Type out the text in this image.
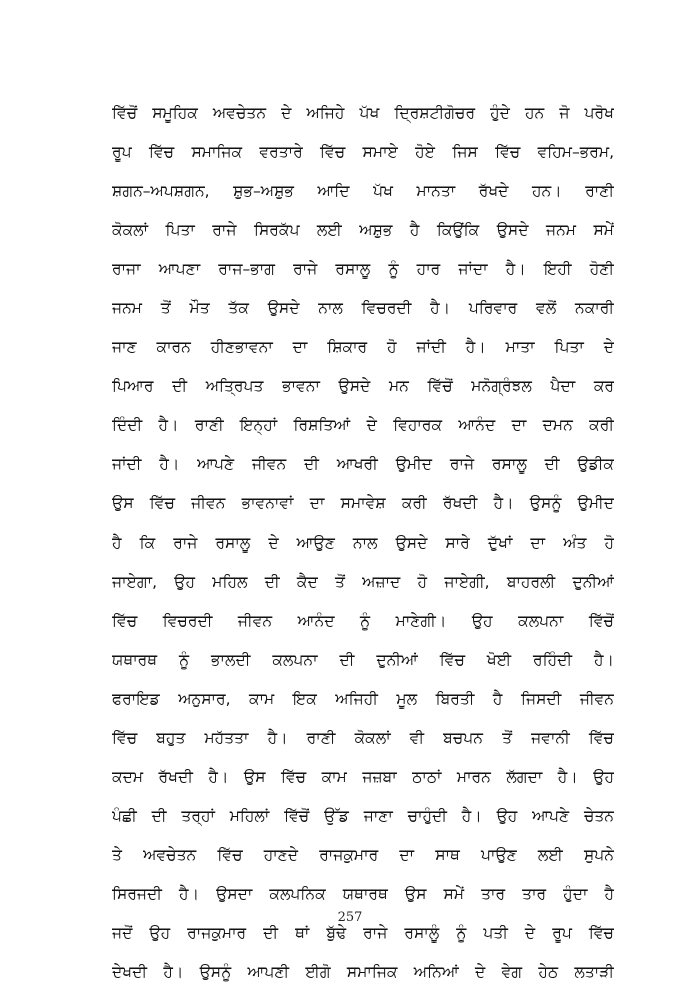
ਵਿੱਚੋਂ ਸਮੂਹਿਕ ਅਵਚੇਤਨ ਦੇ ਅਜਿਹੇ ਪੱਖ ਦ੍ਰਿਸ਼ਟੀਗੋਚਰ ਹੁੰਦੇ ਹਨ ਜੋ ਪਰੋਖ
ਰੂਪ ਵਿੱਚ ਸਮਾਜਿਕ ਵਰਤਾਰੇ ਵਿੱਚ ਸਮਾਏ ਹੋਏ ਜਿਸ ਵਿੱਚ ਵਹਿਮ–ਭਰਮ,
ਸ਼ਗਨ–ਅਪਸ਼ਗਨ, ਸ਼ੁਭ–ਅਸ਼ੁਭ ਆਦਿ ਪੱਖ ਮਾਨਤਾ ਰੱਖਦੇ ਹਨ। ਰਾਣੀ
ਕੋਕਲਾਂ ਪਿਤਾ ਰਾਜੇ ਸਿਰਕੱਪ ਲਈ ਅਸ਼ੁਭ ਹੈ ਕਿਉਂਕਿ ਉਸਦੇ ਜਨਮ ਸਮੇਂ
ਰਾਜਾ ਆਪਣਾ ਰਾਜ–ਭਾਗ ਰਾਜੇ ਰਸਾਲੂ ਨੂੰ ਹਾਰ ਜਾਂਦਾ ਹੈ। ਇਹੀ ਹੋਣੀ
ਜਨਮ ਤੋਂ ਮੌਤ ਤੱਕ ਉਸਦੇ ਨਾਲ ਵਿਚਰਦੀ ਹੈ। ਪਰਿਵਾਰ ਵਲੋਂ ਨਕਾਰੀ
ਜਾਣ ਕਾਰਨ ਹੀਣਭਾਵਨਾ ਦਾ ਸ਼ਿਕਾਰ ਹੋ ਜਾਂਦੀ ਹੈ। ਮਾਤਾ ਪਿਤਾ ਦੇ
ਪਿਆਰ ਦੀ ਅਤ੍ਰਿਪਤ ਭਾਵਨਾ ਉਸਦੇ ਮਨ ਵਿੱਚੋਂ ਮਨੋਗ੍ਰੰਝਲ ਪੈਦਾ ਕਰ
ਦਿੰਦੀ ਹੈ। ਰਾਣੀ ਇਨ੍ਹਾਂ ਰਿਸ਼ਤਿਆਂ ਦੇ ਵਿਹਾਰਕ ਆਨੰਦ ਦਾ ਦਮਨ ਕਰੀ
ਜਾਂਦੀ ਹੈ। ਆਪਣੇ ਜੀਵਨ ਦੀ ਆਖਰੀ ਉਮੀਦ ਰਾਜੇ ਰਸਾਲੂ ਦੀ ਉਡੀਕ
ਉਸ ਵਿੱਚ ਜੀਵਨ ਭਾਵਨਾਵਾਂ ਦਾ ਸਮਾਵੇਸ਼ ਕਰੀ ਰੱਖਦੀ ਹੈ। ਉਸਨੂੰ ਉਮੀਦ
ਹੈ ਕਿ ਰਾਜੇ ਰਸਾਲੂ ਦੇ ਆਉਣ ਨਾਲ ਉਸਦੇ ਸਾਰੇ ਦੁੱਖਾਂ ਦਾ ਅੰਤ ਹੋ
ਜਾਏਗਾ, ਉਹ ਮਹਿਲ ਦੀ ਕੈਦ ਤੋਂ ਅਜ਼ਾਦ ਹੋ ਜਾਏਗੀ, ਬਾਹਰਲੀ ਦੁਨੀਆਂ
ਵਿੱਚ ਵਿਚਰਦੀ ਜੀਵਨ ਆਨੰਦ ਨੂੰ ਮਾਣੇਗੀ। ਉਹ ਕਲਪਨਾ ਵਿੱਚੋਂ
ਯਥਾਰਥ ਨੂੰ ਭਾਲਦੀ ਕਲਪਨਾ ਦੀ ਦੁਨੀਆਂ ਵਿੱਚ ਖੋਈ ਰਹਿੰਦੀ ਹੈ।
ਫਰਾਇਡ ਅਨੁਸਾਰ, ਕਾਮ ਇਕ ਅਜਿਹੀ ਮੂਲ ਬਿਰਤੀ ਹੈ ਜਿਸਦੀ ਜੀਵਨ
ਵਿੱਚ ਬਹੁਤ ਮਹੱਤਤਾ ਹੈ। ਰਾਣੀ ਕੋਕਲਾਂ ਵੀ ਬਚਪਨ ਤੋਂ ਜਵਾਨੀ ਵਿੱਚ
ਕਦਮ ਰੱਖਦੀ ਹੈ। ਉਸ ਵਿੱਚ ਕਾਮ ਜਜ਼ਬਾ ਠਾਠਾਂ ਮਾਰਨ ਲੱਗਦਾ ਹੈ। ਉਹ
ਪੰਛੀ ਦੀ ਤਰ੍ਹਾਂ ਮਹਿਲਾਂ ਵਿੱਚੋਂ ਉੱਡ ਜਾਣਾ ਚਾਹੁੰਦੀ ਹੈ। ਉਹ ਆਪਣੇ ਚੇਤਨ
ਤੇ ਅਵਚੇਤਨ ਵਿੱਚ ਹਾਣਦੇ ਰਾਜਕੁਮਾਰ ਦਾ ਸਾਥ ਪਾਉਣ ਲਈ ਸੁਪਨੇ
ਸਿਰਜਦੀ ਹੈ। ਉਸਦਾ ਕਲਪਨਿਕ ਯਥਾਰਥ ਉਸ ਸਮੇਂ ਤਾਰ ਤਾਰ ਹੁੰਦਾ ਹੈ
ਜਦੋਂ ਉਹ ਰਾਜਕੁਮਾਰ ਦੀ ਥਾਂ ਬੁੱਢੇ ਰਾਜੇ ਰਸਾਲੂੰ ਨੂੰ ਪਤੀ ਦੇ ਰੂਪ ਵਿੱਚ
ਦੇਖਦੀ ਹੈ। ਉਸਨੂੰ ਆਪਣੀ ਈਗੋ ਸਮਾਜਿਕ ਅਨਿਆਂ ਦੇ ਵੇਗ ਹੇਠ ਲਤਾੜੀ
257
